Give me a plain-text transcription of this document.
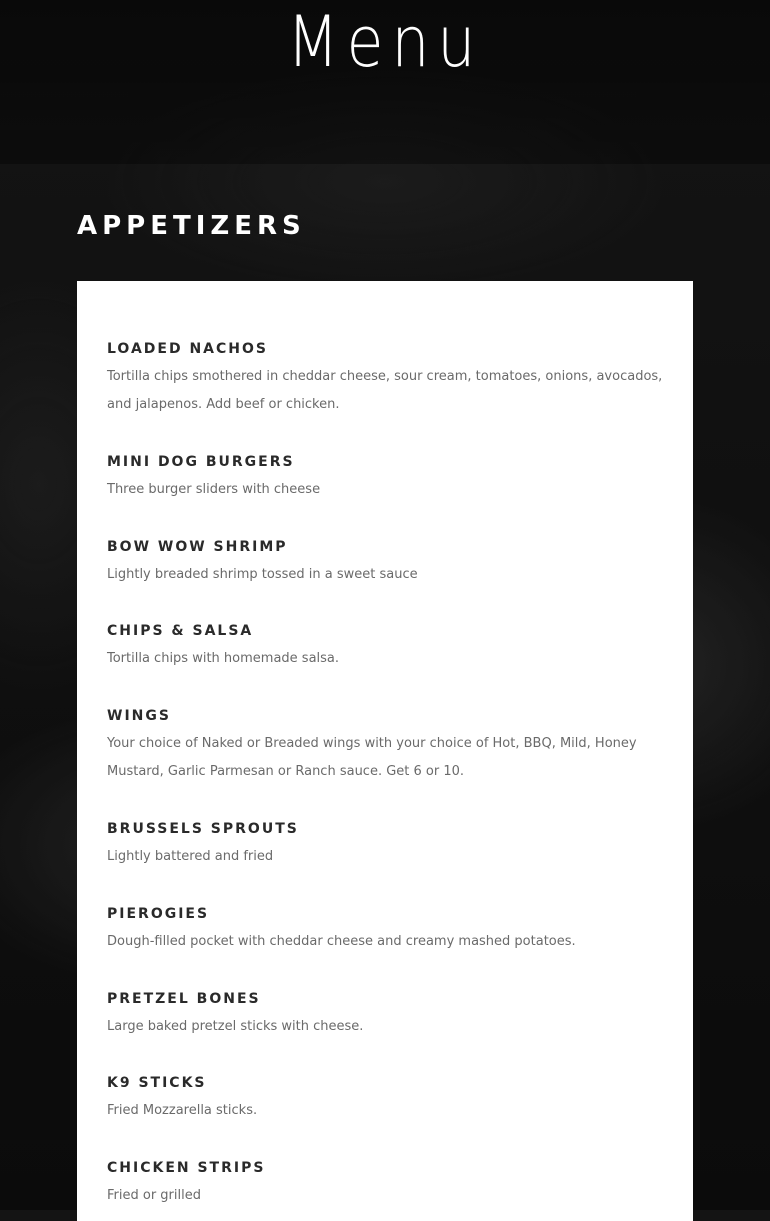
Menu
APPETIZERS
LOADED NACHOS
Tortilla chips smothered in cheddar cheese, sour cream, tomatoes, onions, avocados, and jalapenos. Add beef or chicken.
MINI DOG BURGERS
Three burger sliders with cheese
BOW WOW SHRIMP
Lightly breaded shrimp tossed in a sweet sauce
CHIPS & SALSA
Tortilla chips with homemade salsa.
WINGS
Your choice of Naked or Breaded wings with your choice of Hot, BBQ, Mild, Honey Mustard, Garlic Parmesan or Ranch sauce. Get 6 or 10.
BRUSSELS SPROUTS
Lightly battered and fried
PIEROGIES
Dough-filled pocket with cheddar cheese and creamy mashed potatoes.
PRETZEL BONES
Large baked pretzel sticks with cheese.
K9 STICKS
Fried Mozzarella sticks.
CHICKEN STRIPS
Fried or grilled
